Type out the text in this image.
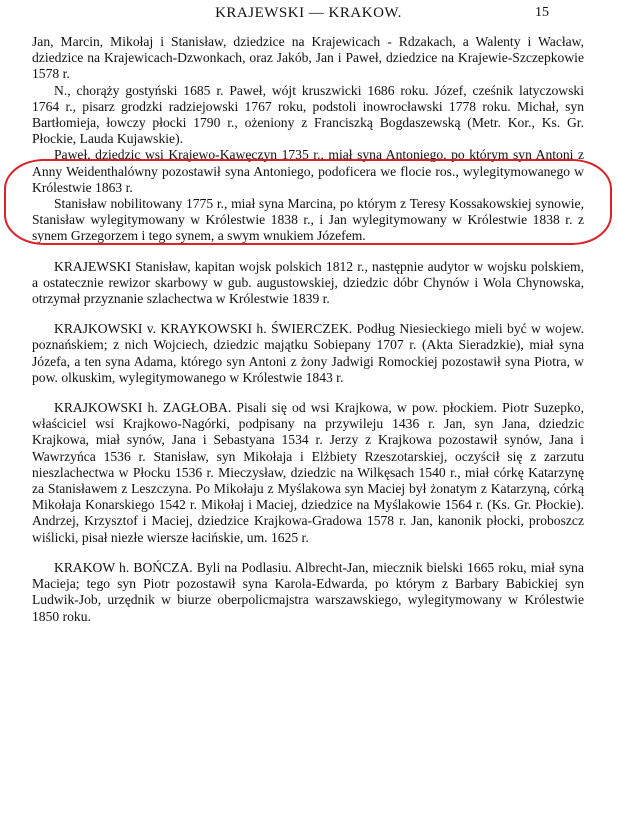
KRAJEWSKI — KRAKOW.	15

Jan, Marcin, Mikołaj i Stanisław, dziedzice na Krajewicach - Rdzakach, a Walenty i Wacław, dziedzice na Krajewicach-Dzwonkach, oraz Jakób, Jan i Paweł, dziedzice na Krajewie-Szczepkowie 1578 r.

N., chorąży gostyński 1685 r. Paweł, wójt kruszwicki 1686 roku. Józef, cześnik latyczowski 1764 r., pisarz grodzki radziejowski 1767 roku, podstoli inowrocławski 1778 roku. Michał, syn Bartłomieja, łowczy płocki 1790 r., ożeniony z Franciszką Bogdaszewską (Metr. Kor., Ks. Gr. Płockie, Lauda Kujawskie).

Paweł, dziedzic wsi Krajewo-Kawęczyn 1735 r., miał syna Antoniego, po którym syn Antoni z Anny Weidenthalówny pozostawił syna Antoniego, podoficera we flocie ros., wylegitymowanego w Królestwie 1863 r.

Stanisław nobilitowany 1775 r., miał syna Marcina, po którym z Teresy Kossakowskiej synowie, Stanisław wylegitymowany w Królestwie 1838 r., i Jan wylegitymowany w Królestwie 1838 r. z synem Grzegorzem i tego synem, a swym wnukiem Józefem.

KRAJEWSKI Stanisław, kapitan wojsk polskich 1812 r., następnie audytor w wojsku polskiem, a ostatecznie rewizor skarbowy w gub. augustowskiej, dziedzic dóbr Chynów i Wola Chynowska, otrzymał przyznanie szlachectwa w Królestwie 1839 r.

KRAJKOWSKI v. KRAYKOWSKI h. ŚWIERCZEK. Podług Niesieckiego mieli być w wojew. poznańskiem; z nich Wojciech, dziedzic majątku Sobiepany 1707 r. (Akta Sieradzkie), miał syna Józefa, a ten syna Adama, którego syn Antoni z żony Jadwigi Romockiej pozostawił syna Piotra, w pow. olkuskim, wylegitymowanego w Królestwie 1843 r.

KRAJKOWSKI h. ZAGŁOBA. Pisali się od wsi Krajkowa, w pow. płockiem. Piotr Suzepko, właściciel wsi Krajkowo-Nagórki, podpisany na przywileju 1436 r. Jan, syn Jana, dziedzic Krajkowa, miał synów, Jana i Sebastyana 1534 r. Jerzy z Krajkowa pozostawił synów, Jana i Wawrzyńca 1536 r. Stanisław, syn Mikołaja i Elżbiety Rzeszotarskiej, oczyścił się z zarzutu nieszlachectwa w Płocku 1536 r. Mieczysław, dziedzic na Wilkęsach 1540 r., miał córkę Katarzynę za Stanisławem z Leszczyna. Po Mikołaju z Myślakowa syn Maciej był żonatym z Katarzyną, córką Mikołaja Konarskiego 1542 r. Mikołaj i Maciej, dziedzice na Myślakowie 1564 r. (Ks. Gr. Płockie). Andrzej, Krzysztof i Maciej, dziedzice Krajkowa-Gradowa 1578 r. Jan, kanonik płocki, proboszcz wiślicki, pisał niezłe wiersze łacińskie, um. 1625 r.

KRAKOW h. BOŃCZA. Byli na Podlasiu. Albrecht-Jan, miecznik bielski 1665 roku, miał syna Macieja; tego syn Piotr pozostawił syna Karola-Edwarda, po którym z Barbary Babickiej syn Ludwik-Job, urzędnik w biurze oberpolicmajstra warszawskiego, wylegitymowany w Królestwie 1850 roku.
